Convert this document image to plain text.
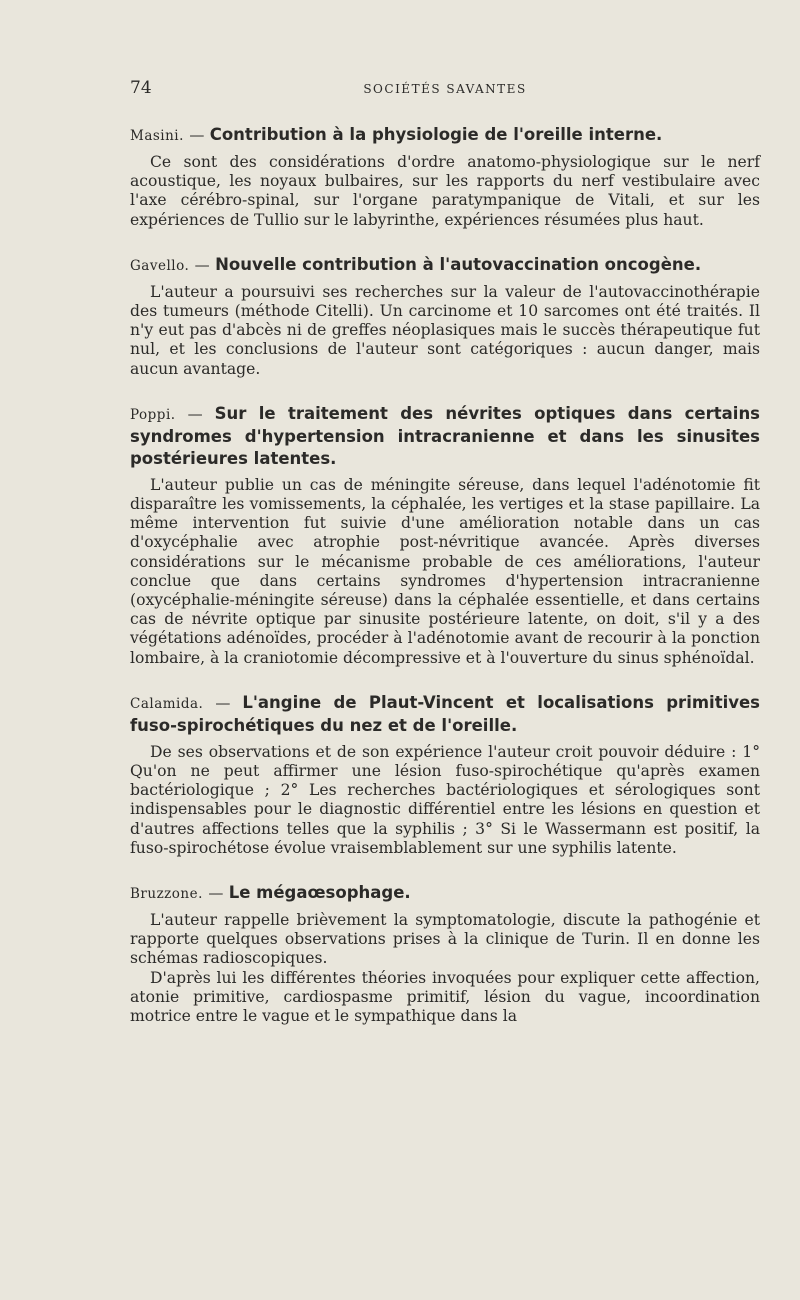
74	SOCIÉTÉS SAVANTES

Masini. — Contribution à la physiologie de l'oreille interne.

Ce sont des considérations d'ordre anatomo-physiologique sur le nerf acoustique, les noyaux bulbaires, sur les rapports du nerf vestibulaire avec l'axe cérébro-spinal, sur l'organe paratympanique de Vitali, et sur les expériences de Tullio sur le labyrinthe, expériences résumées plus haut.

Gavello. — Nouvelle contribution à l'autovaccination oncogène.

L'auteur a poursuivi ses recherches sur la valeur de l'autovaccinothérapie des tumeurs (méthode Citelli). Un carcinome et 10 sarcomes ont été traités. Il n'y eut pas d'abcès ni de greffes néoplasiques mais le succès thérapeutique fut nul, et les conclusions de l'auteur sont catégoriques : aucun danger, mais aucun avantage.

Poppi. — Sur le traitement des névrites optiques dans certains syndromes d'hypertension intracranienne et dans les sinusites postérieures latentes.

L'auteur publie un cas de méningite séreuse, dans lequel l'adénotomie fit disparaître les vomissements, la céphalée, les vertiges et la stase papillaire. La même intervention fut suivie d'une amélioration notable dans un cas d'oxycéphalie avec atrophie post-névritique avancée. Après diverses considérations sur le mécanisme probable de ces améliorations, l'auteur conclue que dans certains syndromes d'hypertension intracranienne (oxycéphalie-méningite séreuse) dans la céphalée essentielle, et dans certains cas de névrite optique par sinusite postérieure latente, on doit, s'il y a des végétations adénoïdes, procéder à l'adénotomie avant de recourir à la ponction lombaire, à la craniotomie décompressive et à l'ouverture du sinus sphénoïdal.

Calamida. — L'angine de Plaut-Vincent et localisations primitives fuso-spirochétiques du nez et de l'oreille.

De ses observations et de son expérience l'auteur croit pouvoir déduire : 1° Qu'on ne peut affirmer une lésion fuso-spirochétique qu'après examen bactériologique ; 2° Les recherches bactériologiques et sérologiques sont indispensables pour le diagnostic différentiel entre les lésions en question et d'autres affections telles que la syphilis ; 3° Si le Wassermann est positif, la fuso-spirochétose évolue vraisemblablement sur une syphilis latente.

Bruzzone. — Le mégaœsophage.

L'auteur rappelle brièvement la symptomatologie, discute la pathogénie et rapporte quelques observations prises à la clinique de Turin. Il en donne les schémas radioscopiques.

D'après lui les différentes théories invoquées pour expliquer cette affection, atonie primitive, cardiospasme primitif, lésion du vague, incoordination motrice entre le vague et le sympathique dans la
